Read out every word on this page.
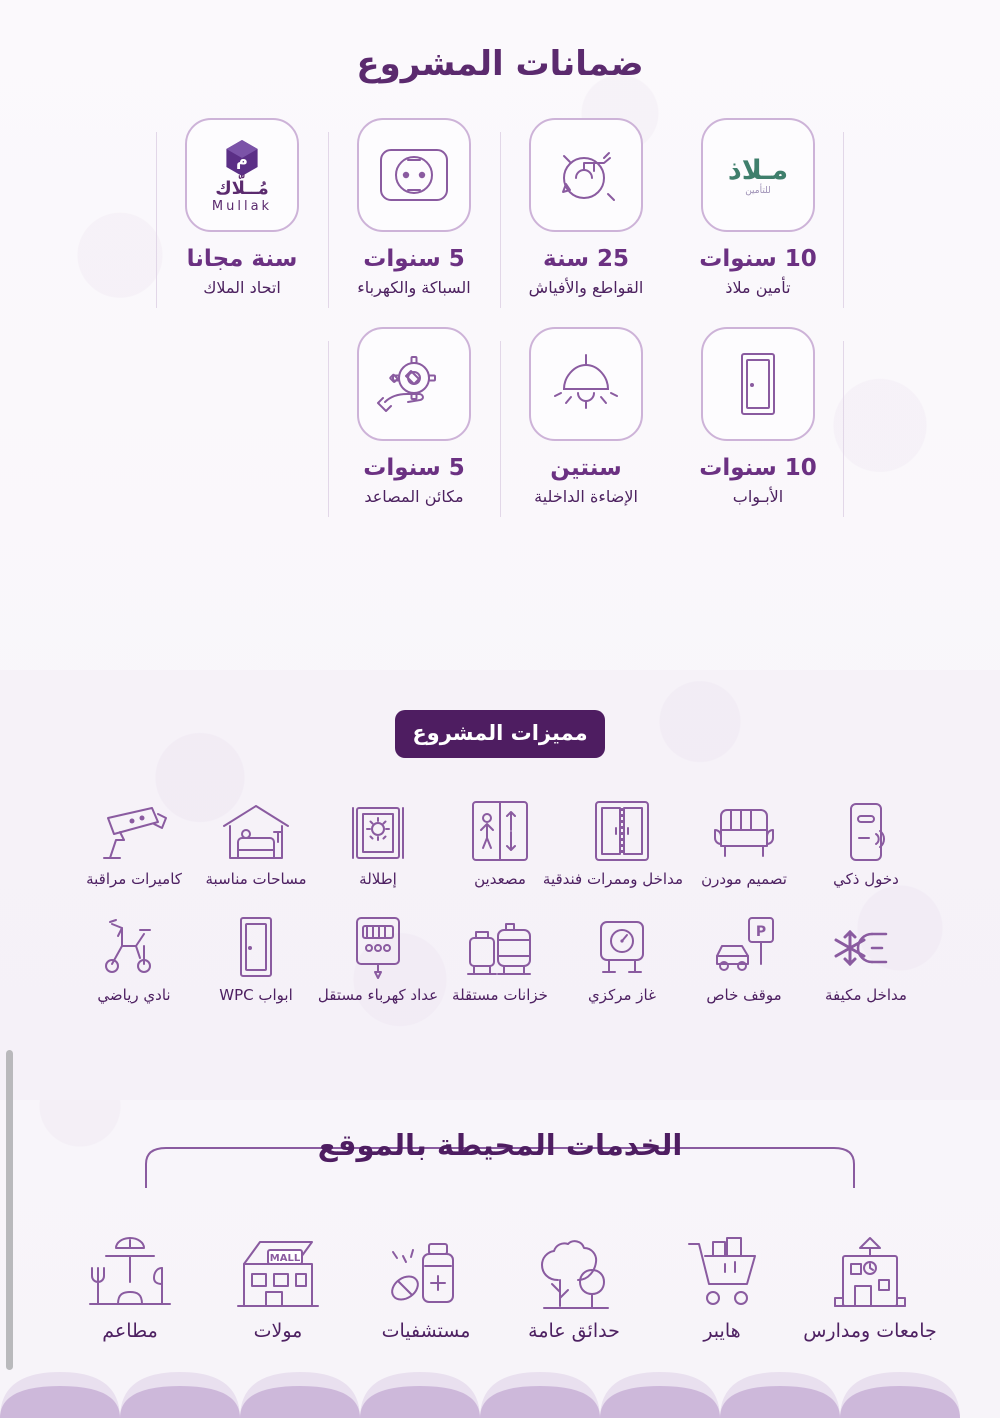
ضمانات المشروع
مـلاذ
للتأمين
10 سنوات
تأمين ملاذ
25 سنة
القواطع والأفياش
5 سنوات
السباكة والكهرباء
م
مُــلّاك
Mullak
سنة مجانا
اتحاد الملاك
10 سنوات
الأبـواب
سنتين
الإضاءة الداخلية
5 سنوات
مكائن المصاعد
مميزات المشروع
دخول ذكي
تصميم مودرن
مداخل وممرات فندقية
مصعدين
إطلالة
مساحات مناسبة
كاميرات مراقبة
مداخل مكيفة
P
موقف خاص
غاز مركزي
خزانات مستقلة
عداد كهرباء مستقل
ابواب WPC
نادي رياضي
الخدمات المحيطة بالموقع
جامعات ومدارس
هايبر
حدائق عامة
مستشفيات
MALL
مولات
مطاعم
